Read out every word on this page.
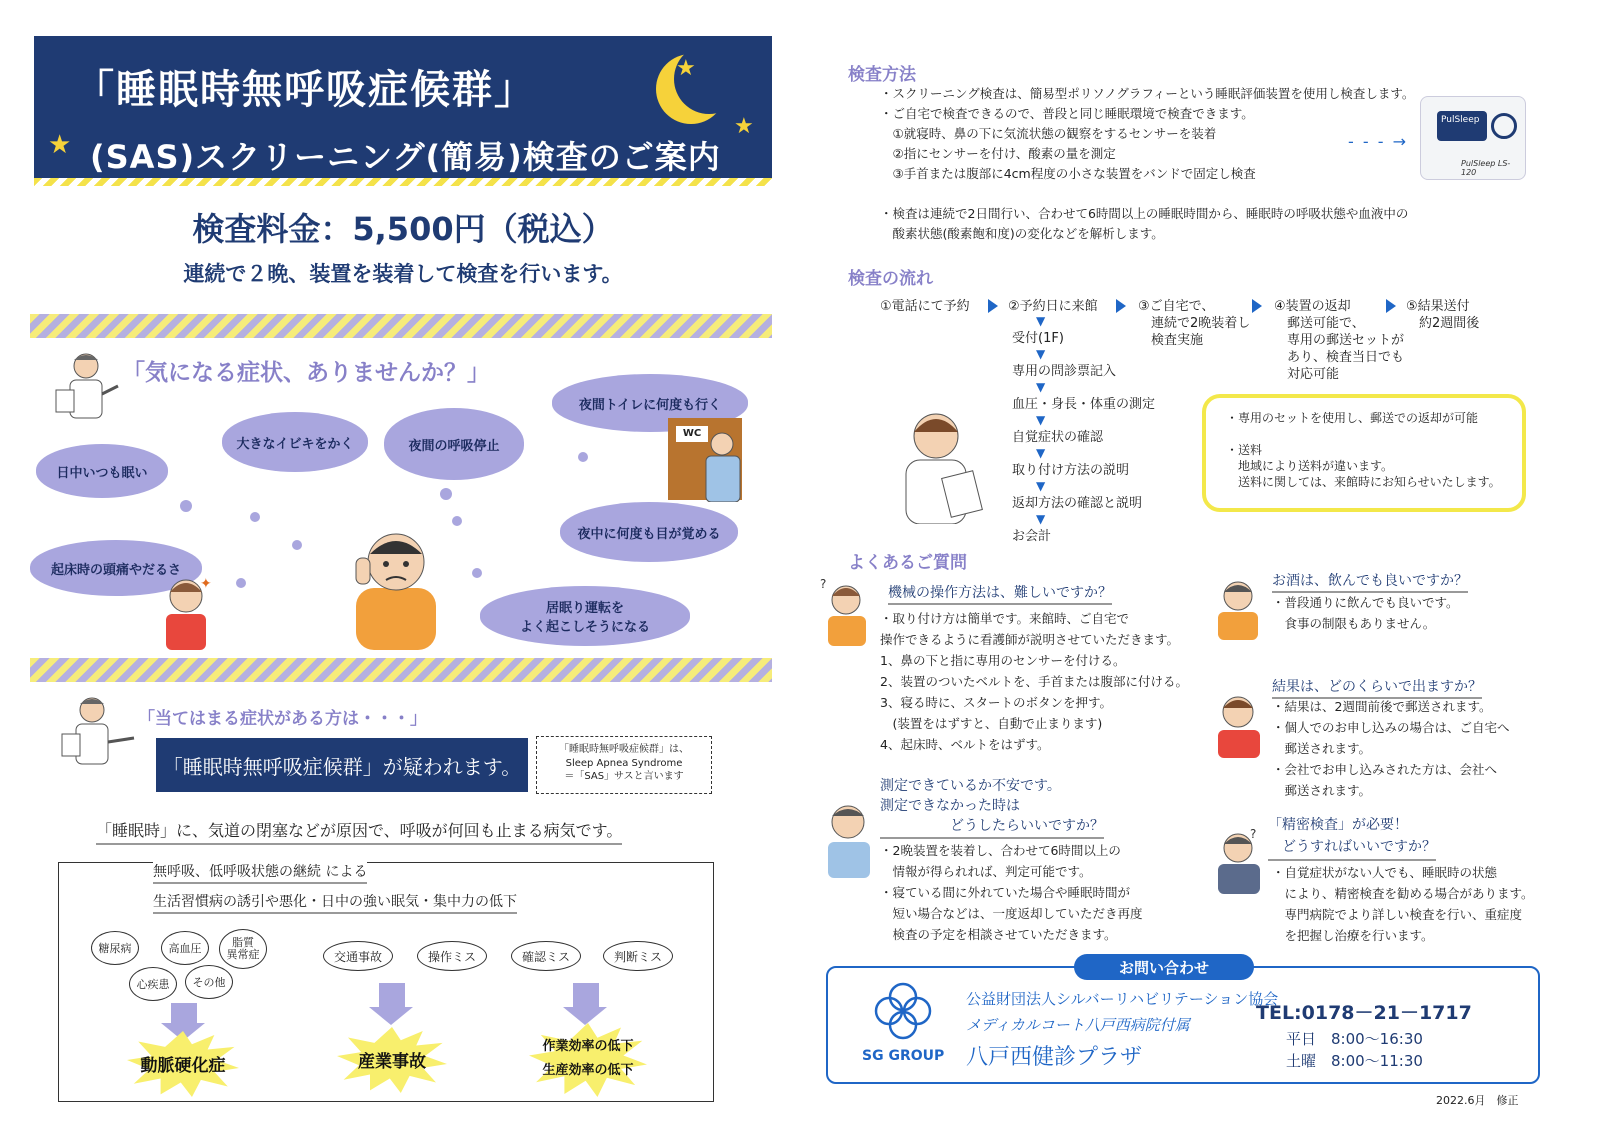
「睡眠時無呼吸症候群」
(SAS)スクリーニング(簡易)検査のご案内
★
★
★
検査料金：5,500円（税込）
連続で２晩、装置を装着して検査を行います。
「気になる症状、ありませんか？」
日中いつも眠い
大きなイビキをかく	夜間の呼吸停止
夜間トイレに何度も行く
夜中に何度も目が覚める
起床時の頭痛やだるさ
居眠り運転を
よく起こしそうになる
WC
✦
「当てはまる症状がある方は・・・」
「睡眠時無呼吸症候群」が疑われます。
「睡眠時無呼吸症候群」は、
Sleep Apnea Syndrome
＝「SAS」サスと言います
「睡眠時」に、気道の閉塞などが原因で、呼吸が何回も止まる病気です。
無呼吸、低呼吸状態の継続 による
生活習慣病の誘引や悪化・日中の強い眠気・集中力の低下
糖尿病	高血圧	脂質
異常症
心疾患	その他
交通事故	操作ミス	確認ミス	判断ミス
動脈硬化症	産業事故
作業効率の低下
生産効率の低下
検査方法
・スクリーニング検査は、簡易型ポリソノグラフィーという睡眠評価装置を使用し検査します。
・ご自宅で検査できるので、普段と同じ睡眠環境で検査できます。
　①就寝時、鼻の下に気流状態の観察をするセンサーを装着
　②指にセンサーを付け、酸素の量を測定
　③手首または腹部に4cm程度の小さな装置をバンドで固定し検査
- - - →
PulSleep
PulSleep LS-120
・検査は連続で2日間行い、合わせて6時間以上の睡眠時間から、睡眠時の呼吸状態や血液中の
　酸素状態(酸素飽和度)の変化などを解析します。
検査の流れ
①電話にて予約	②予約日に来館	③ご自宅で、
　連続で2晩装着し
　検査実施
④装置の返却
　郵送可能で、
　専用の郵送セットが
　あり、検査当日でも
　対応可能
⑤結果送付
　約2週間後
▼
受付(1F)
▼
専用の問診票記入
▼
血圧・身長・体重の測定
▼
自覚症状の確認
▼
取り付け方法の説明
▼
返却方法の確認と説明
▼
お会計
・専用のセットを使用し、郵送での返却が可能

・送料
　地域により送料が違います。
　送料に関しては、来館時にお知らせいたします。
よくあるご質問
?
機械の操作方法は、難しいですか？
・取り付け方は簡単です。来館時、ご自宅で
操作できるように看護師が説明させていただきます。
1、鼻の下と指に専用のセンサーを付ける。
2、装置のついたベルトを、手首または腹部に付ける。
3、寝る時に、スタートのボタンを押す。
　(装置をはずすと、自動で止まります)
4、起床時、ベルトをはずす。
測定できているか不安です。
測定できなかった時は
　　　　　どうしたらいいですか？
・2晩装置を装着し、合わせて6時間以上の
　情報が得られれば、判定可能です。
・寝ている間に外れていた場合や睡眠時間が
　短い場合などは、一度返却していただき再度
　検査の予定を相談させていただきます。
お酒は、飲んでも良いですか？
・普段通りに飲んでも良いです。
　食事の制限もありません。
結果は、どのくらいで出ますか？
・結果は、2週間前後で郵送されます。
・個人でのお申し込みの場合は、ご自宅へ
　郵送されます。
・会社でお申し込みされた方は、会社へ
　郵送されます。
?
「精密検査」が必要！
　どうすればいいですか？
・自覚症状がない人でも、睡眠時の状態
　により、精密検査を勧める場合があります。
　専門病院でより詳しい検査を行い、重症度
　を把握し治療を行います。
SG GROUP
公益財団法人シルバーリハビリテーション協会
メディカルコート八戸西病院付属
八戸西健診プラザ
TEL:0178－21－1717
平日　8:00～16:30
土曜　8:00～11:30
お問い合わせ
2022.6月　修正
